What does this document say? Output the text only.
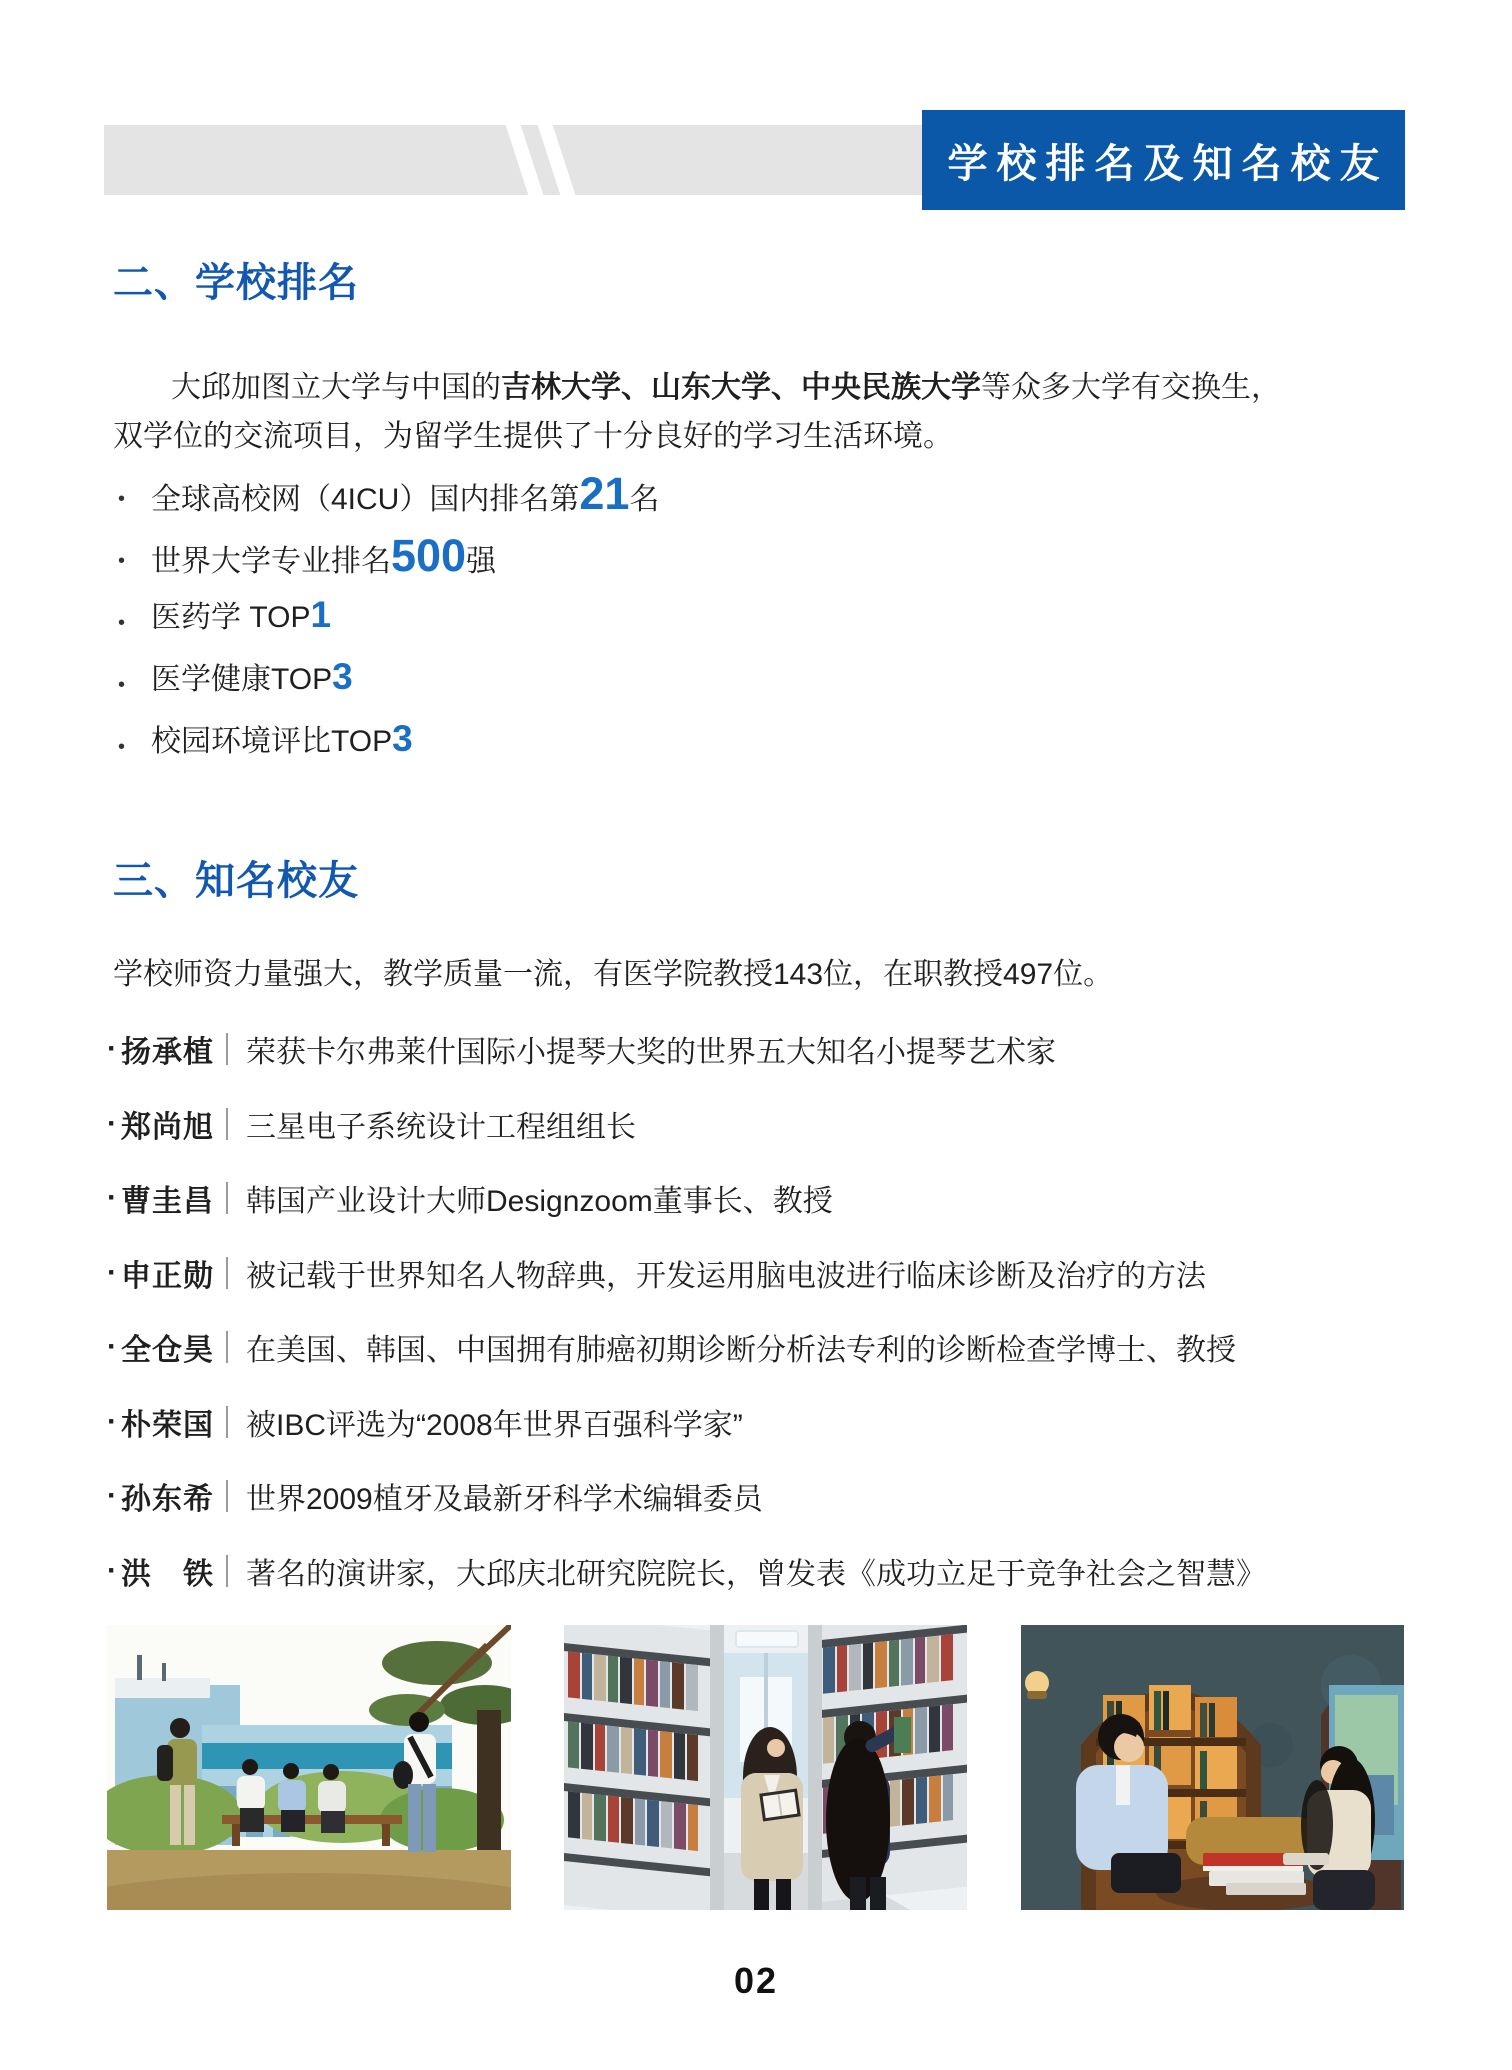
学校排名及知名校友
二、学校排名
大邱加图立大学与中国的吉林大学、山东大学、中央民族大学等众多大学有交换生，
双学位的交流项目，为留学生提供了十分良好的学习生活环境。
• 全球高校网（4ICU）国内排名第 21 名
• 世界大学专业排名 500 强
• 医药学 TOP 1
• 医学健康TOP 3
• 校园环境评比TOP 3
三、知名校友
学校师资力量强大，教学质量一流，有医学院教授143位，在职教授497位。
· 扬承植 荣获卡尔弗莱什国际小提琴大奖的世界五大知名小提琴艺术家
· 郑尚旭 三星电子系统设计工程组组长
· 曹圭昌 韩国产业设计大师Designzoom董事长、教授
· 申正勋 被记载于世界知名人物辞典，开发运用脑电波进行临床诊断及治疗的方法
· 全仓昊 在美国、韩国、中国拥有肺癌初期诊断分析法专利的诊断检查学博士、教授
· 朴荣国 被IBC评选为“2008年世界百强科学家”
· 孙东希 世界2009植牙及最新牙科学术编辑委员
· 洪　铁 著名的演讲家，大邱庆北研究院院长，曾发表《成功立足于竞争社会之智慧》
02
